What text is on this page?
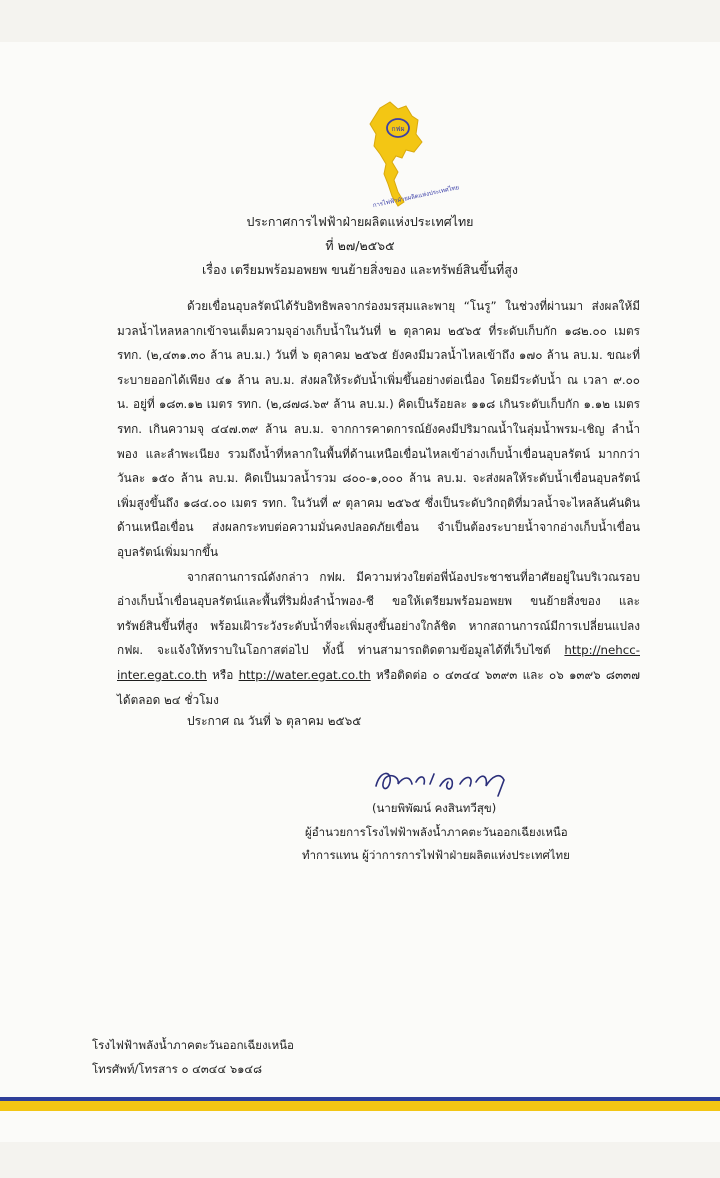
กฟผ
การไฟฟ้าฝ่ายผลิตแห่งประเทศไทย
ประกาศการไฟฟ้าฝ่ายผลิตแห่งประเทศไทย
ที่ ๒๗/๒๕๖๕
เรื่อง เตรียมพร้อมอพยพ ขนย้ายสิ่งของ และทรัพย์สินขึ้นที่สูง

ด้วยเขื่อนอุบลรัตน์ได้รับอิทธิพลจากร่องมรสุมและพายุ “โนรู” ในช่วงที่ผ่านมา ส่งผลให้มีมวลน้ำไหลหลากเข้าจนเต็มความจุอ่างเก็บน้ำในวันที่ ๒ ตุลาคม ๒๕๖๕ ที่ระดับเก็บกัก ๑๘๒.๐๐ เมตร รทก. (๒,๔๓๑.๓๐ ล้าน ลบ.ม.) วันที่ ๖ ตุลาคม ๒๕๖๕ ยังคงมีมวลน้ำไหลเข้าถึง ๑๗๐ ล้าน ลบ.ม. ขณะที่ระบายออกได้เพียง ๔๑ ล้าน ลบ.ม. ส่งผลให้ระดับน้ำเพิ่มขึ้นอย่างต่อเนื่อง โดยมีระดับน้ำ ณ เวลา ๙.๐๐ น. อยู่ที่ ๑๘๓.๑๒ เมตร รทก. (๒,๘๗๘.๖๙ ล้าน ลบ.ม.) คิดเป็นร้อยละ ๑๑๘ เกินระดับเก็บกัก ๑.๑๒ เมตร รทก. เกินความจุ ๔๔๗.๓๙ ล้าน ลบ.ม. จากการคาดการณ์ยังคงมีปริมาณน้ำในลุ่มน้ำพรม-เชิญ ลำน้ำพอง และลำพะเนียง รวมถึงน้ำที่หลากในพื้นที่ด้านเหนือเขื่อนไหลเข้าอ่างเก็บน้ำเขื่อนอุบลรัตน์ มากกว่าวันละ ๑๕๐ ล้าน ลบ.ม. คิดเป็นมวลน้ำรวม ๘๐๐-๑,๐๐๐ ล้าน ลบ.ม. จะส่งผลให้ระดับน้ำเขื่อนอุบลรัตน์เพิ่มสูงขึ้นถึง ๑๘๔.๐๐ เมตร รทก. ในวันที่ ๙ ตุลาคม ๒๕๖๕ ซึ่งเป็นระดับวิกฤติที่มวลน้ำจะไหลล้นคันดินด้านเหนือเขื่อน ส่งผลกระทบต่อความมั่นคงปลอดภัยเขื่อน จำเป็นต้องระบายน้ำจากอ่างเก็บน้ำเขื่อนอุบลรัตน์เพิ่มมากขึ้น

จากสถานการณ์ดังกล่าว กฟผ. มีความห่วงใยต่อพี่น้องประชาชนที่อาศัยอยู่ในบริเวณรอบอ่างเก็บน้ำเขื่อนอุบลรัตน์และพื้นที่ริมฝั่งลำน้ำพอง-ชี ขอให้เตรียมพร้อมอพยพ ขนย้ายสิ่งของ และทรัพย์สินขึ้นที่สูง พร้อมเฝ้าระวังระดับน้ำที่จะเพิ่มสูงขึ้นอย่างใกล้ชิด หากสถานการณ์มีการเปลี่ยนแปลง กฟผ. จะแจ้งให้ทราบในโอกาสต่อไป ทั้งนี้ ท่านสามารถติดตามข้อมูลได้ที่เว็บไซต์ http://nehcc-inter.egat.co.th หรือ http://water.egat.co.th หรือติดต่อ ๐ ๔๓๔๔ ๖๓๙๓ และ ๐๖ ๑๓๙๖ ๘๓๓๗ ได้ตลอด ๒๔ ชั่วโมง

ประกาศ ณ วันที่ ๖ ตุลาคม ๒๕๖๕
(นายพิพัฒน์ คงสินทวีสุข)
ผู้อำนวยการโรงไฟฟ้าพลังน้ำภาคตะวันออกเฉียงเหนือ
ทำการแทน ผู้ว่าการการไฟฟ้าฝ่ายผลิตแห่งประเทศไทย
โรงไฟฟ้าพลังน้ำภาคตะวันออกเฉียงเหนือ
โทรศัพท์/โทรสาร ๐ ๔๓๔๔ ๖๑๔๘
